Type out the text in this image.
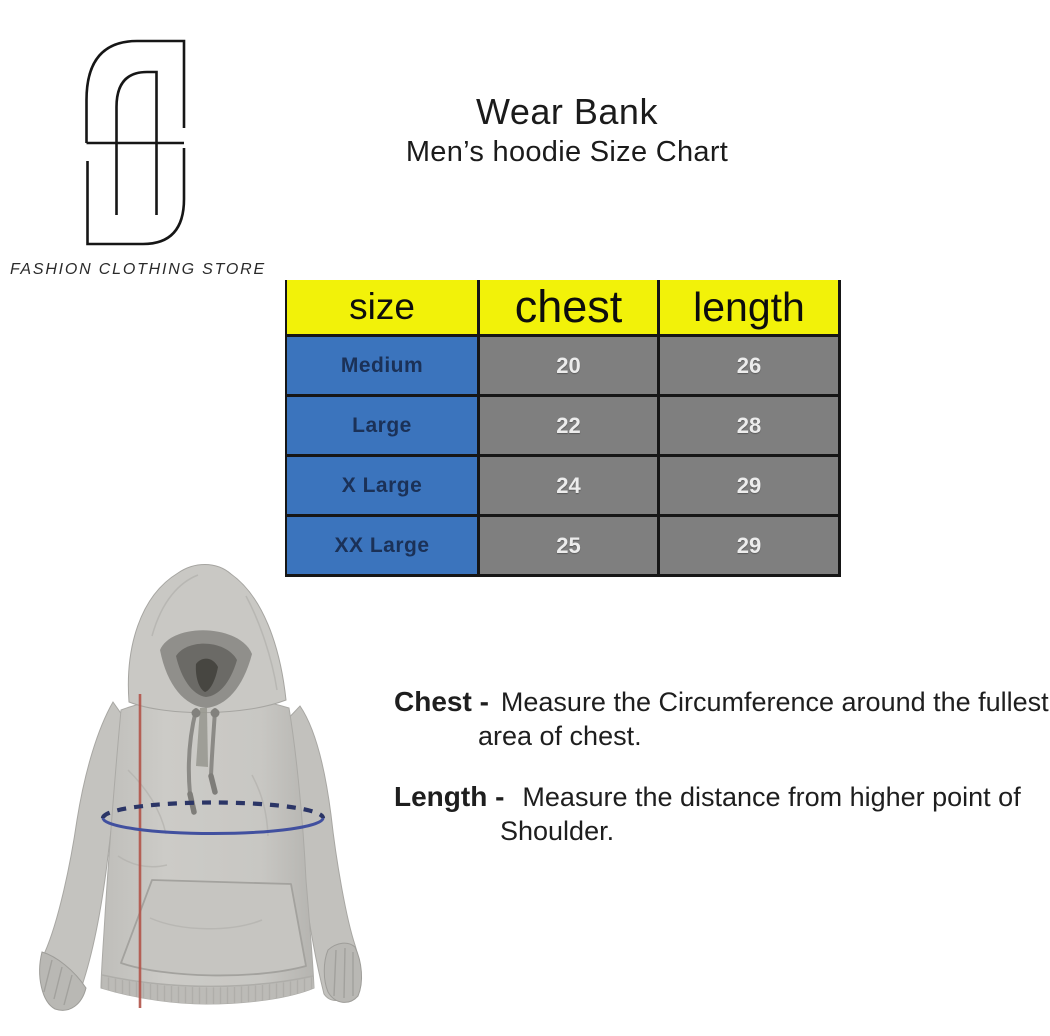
FASHION CLOTHING STORE
Wear Bank
Men’s hoodie Size Chart
size	chest	length
Medium	20	26
Large	22	28
X Large	24	29
XX Large	25	29
Chest - Measure the Circumference around the fullest
area of chest.
Length - Measure the distance from higher point of
Shoulder.
